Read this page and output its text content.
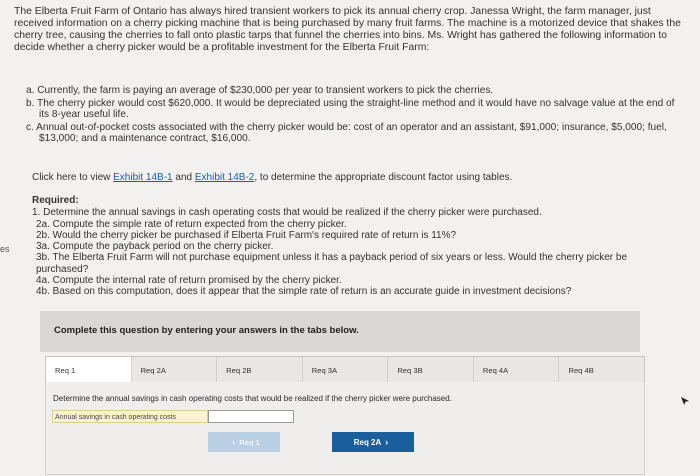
The Elberta Fruit Farm of Ontario has always hired transient workers to pick its annual cherry crop. Janessa Wright, the farm manager, just received information on a cherry picking machine that is being purchased by many fruit farms. The machine is a motorized device that shakes the cherry tree, causing the cherries to fall onto plastic tarps that funnel the cherries into bins. Ms. Wright has gathered the following information to decide whether a cherry picker would be a profitable investment for the Elberta Fruit Farm:
a. Currently, the farm is paying an average of $230,000 per year to transient workers to pick the cherries.
b. The cherry picker would cost $620,000. It would be depreciated using the straight-line method and it would have no salvage value at the end of its 8-year useful life.
c. Annual out-of-pocket costs associated with the cherry picker would be: cost of an operator and an assistant, $91,000; insurance, $5,000; fuel, $13,000; and a maintenance contract, $16,000.
Click here to view Exhibit 14B-1 and Exhibit 14B-2, to determine the appropriate discount factor using tables.
es
Required:
1. Determine the annual savings in cash operating costs that would be realized if the cherry picker were purchased.
2a. Compute the simple rate of return expected from the cherry picker.
2b. Would the cherry picker be purchased if Elberta Fruit Farm's required rate of return is 11%?
3a. Compute the payback period on the cherry picker.
3b. The Elberta Fruit Farm will not purchase equipment unless it has a payback period of six years or less. Would the cherry picker be purchased?
4a. Compute the internal rate of return promised by the cherry picker.
4b. Based on this computation, does it appear that the simple rate of return is an accurate guide in investment decisions?
Complete this question by entering your answers in the tabs below.
Req 1	Req 2A	Req 2B	Req 3A	Req 3B	Req 4A	Req 4B
Determine the annual savings in cash operating costs that would be realized if the cherry picker were purchased.
Annual savings in cash operating costs
‹ Req 1	Req 2A ›
